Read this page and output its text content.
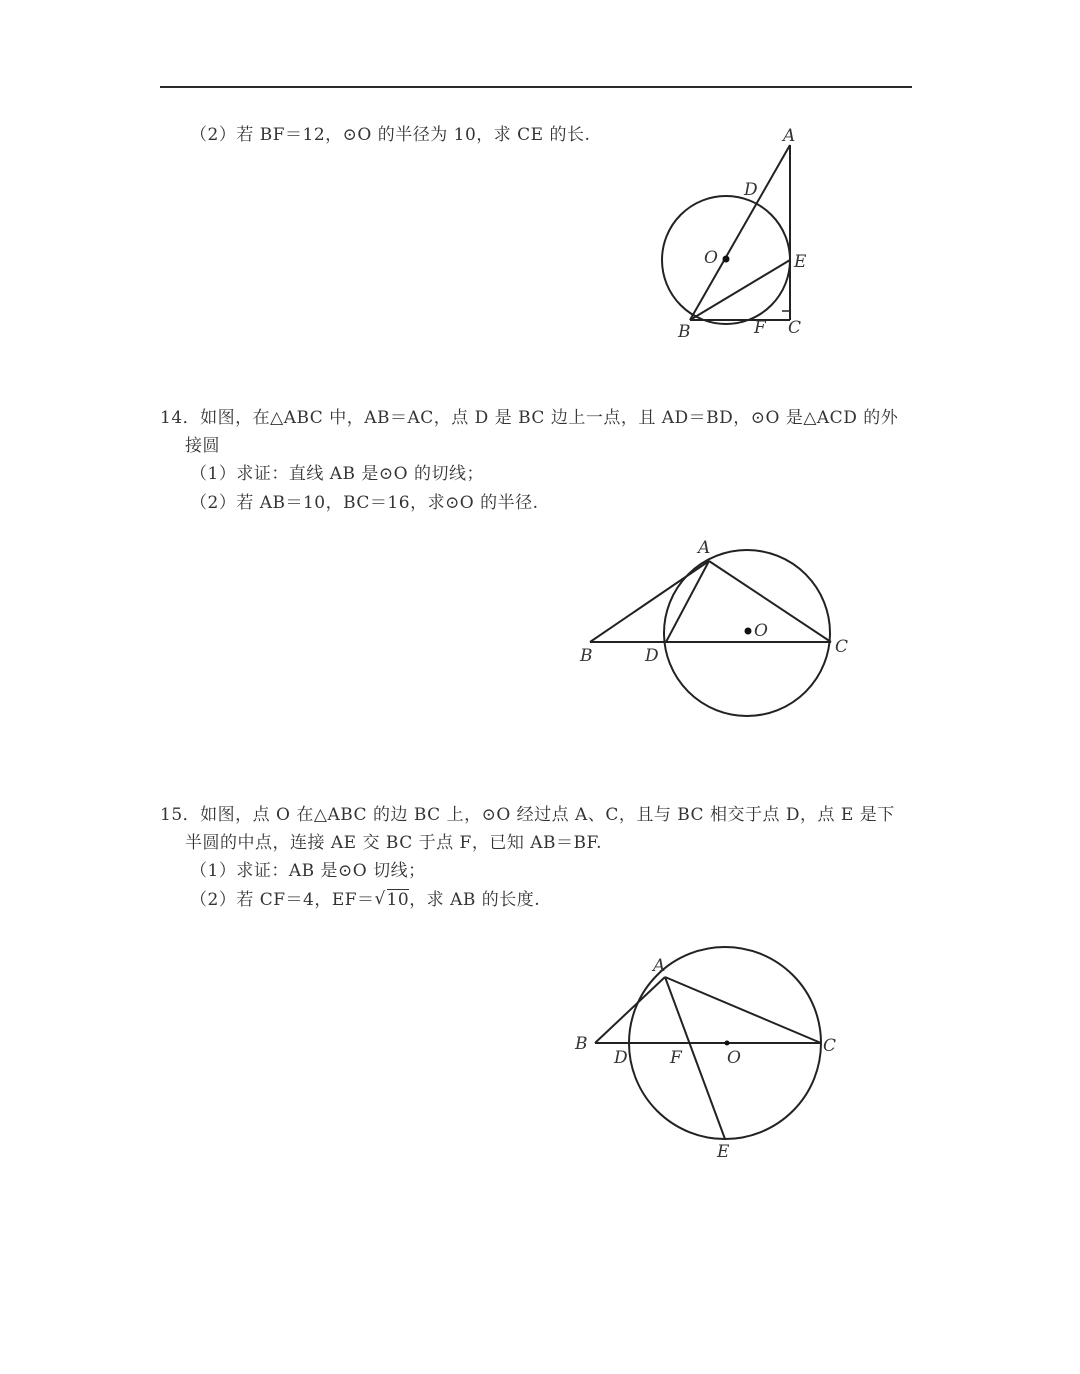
（2）若 BF＝12，⊙O 的半径为 10，求 CE 的长.	A
D
O	E
B	F C
14．如图，在△ABC 中，AB＝AC，点 D 是 BC 边上一点，且 AD＝BD，⊙O 是△ACD 的外
接圆
（1）求证：直线 AB 是⊙O 的切线；
（2）若 AB＝10，BC＝16，求⊙O 的半径.
A
B	D
O
C
15．如图，点 O 在△ABC 的边 BC 上，⊙O 经过点 A、C，且与 BC 相交于点 D，点 E 是下
半圆的中点，连接 AE 交 BC 于点 F，已知 AB＝BF.
（1）求证：AB 是⊙O 切线；
（2）若 CF＝4，EF＝ √ 10，求 AB 的长度.
A
B
D F	O
C
E
